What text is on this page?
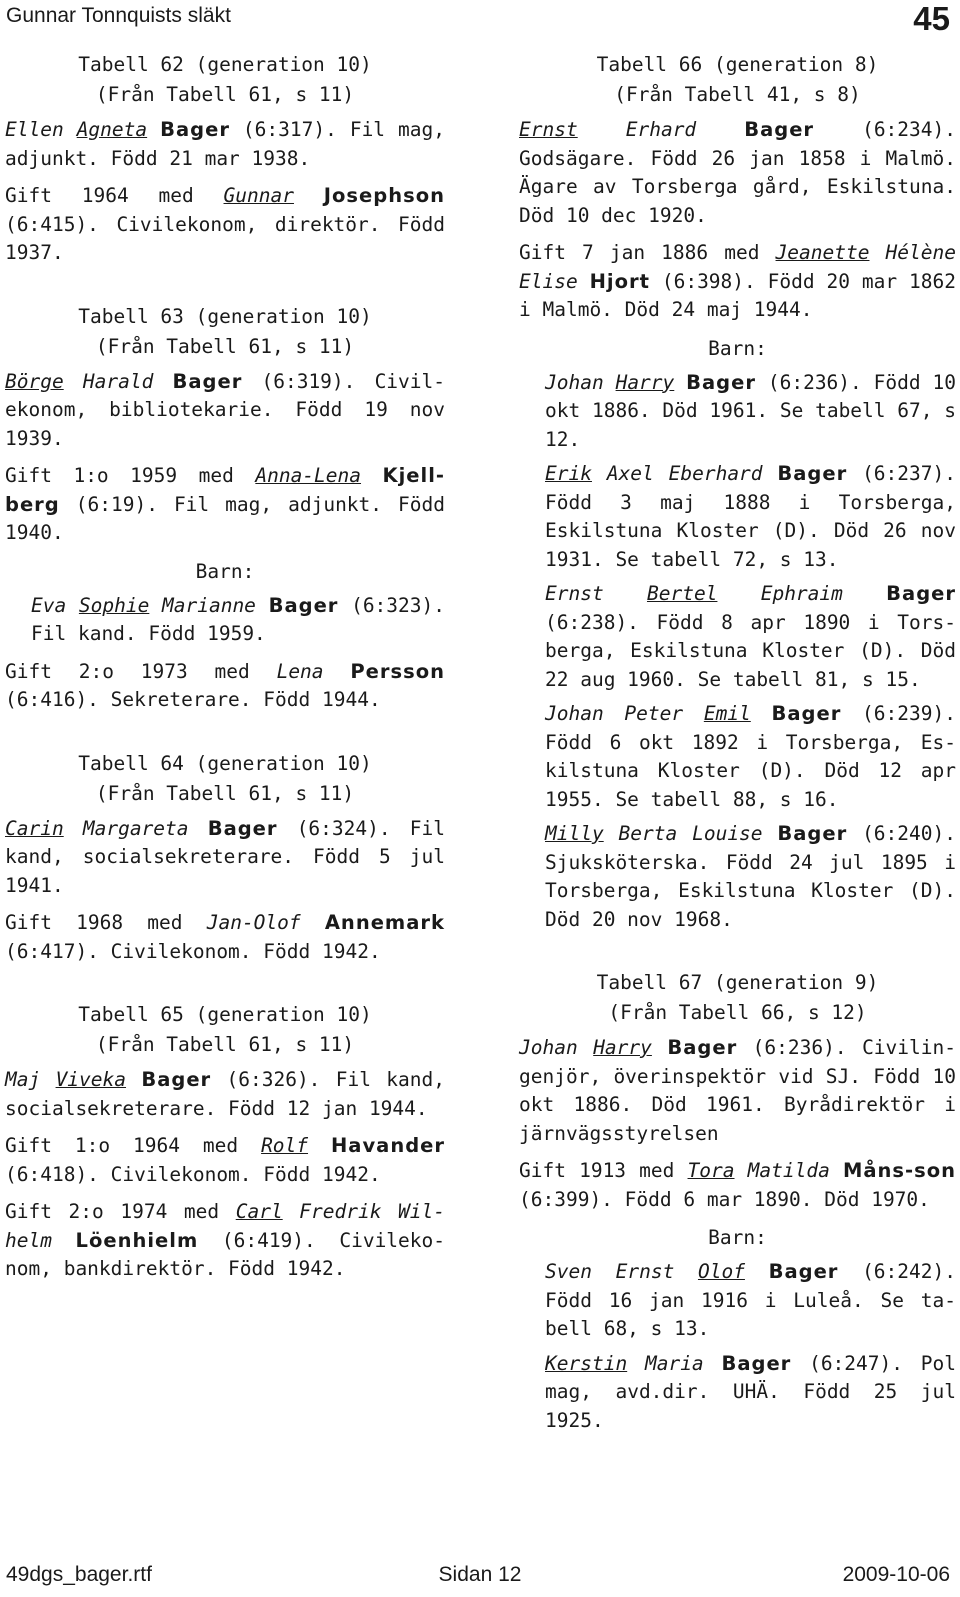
Gunnar Tonnquists släkt	45
Tabell 62 (generation 10)
(Från Tabell 61, s 11)
Ellen Agneta Bager (6:317). Fil mag, adjunkt. Född 21 mar 1938.
Gift 1964 med Gunnar Josephson (6:415). Civilekonom, direktör. Född 1937.
Tabell 63 (generation 10)
(Från Tabell 61, s 11)
Börge Harald Bager (6:319). Civil-ekonom, bibliotekarie. Född 19 nov 1939.
Gift 1:o 1959 med Anna-Lena Kjell-berg (6:19). Fil mag, adjunkt. Född 1940.
Barn:
Eva Sophie Marianne Bager (6:323). Fil kand. Född 1959.
Gift 2:o 1973 med Lena Persson (6:416). Sekreterare. Född 1944.
Tabell 64 (generation 10)
(Från Tabell 61, s 11)
Carin Margareta Bager (6:324). Fil kand, socialsekreterare. Född 5 jul 1941.
Gift 1968 med Jan-Olof Annemark (6:417). Civilekonom. Född 1942.
Tabell 65 (generation 10)
(Från Tabell 61, s 11)
Maj Viveka Bager (6:326). Fil kand, socialsekreterare. Född 12 jan 1944.
Gift 1:o 1964 med Rolf Havander (6:418). Civilekonom. Född 1942.
Gift 2:o 1974 med Carl Fredrik Wil-helm Löenhielm (6:419). Civileko-nom, bankdirektör. Född 1942.
Tabell 66 (generation 8)
(Från Tabell 41, s 8)
Ernst Erhard Bager (6:234). Godsägare. Född 26 jan 1858 i Malmö. Ägare av Torsberga gård, Eskilstuna. Död 10 dec 1920.
Gift 7 jan 1886 med Jeanette Hélène Elise Hjort (6:398). Född 20 mar 1862 i Malmö. Död 24 maj 1944.
Barn:
Johan Harry Bager (6:236). Född 10 okt 1886. Död 1961. Se tabell 67, s 12.
Erik Axel Eberhard Bager (6:237). Född 3 maj 1888 i Torsberga, Eskilstuna Kloster (D). Död 26 nov 1931. Se tabell 72, s 13.
Ernst Bertel Ephraim Bager (6:238). Född 8 apr 1890 i Tors-berga, Eskilstuna Kloster (D). Död 22 aug 1960. Se tabell 81, s 15.
Johan Peter Emil Bager (6:239). Född 6 okt 1892 i Torsberga, Es-kilstuna Kloster (D). Död 12 apr 1955. Se tabell 88, s 16.
Milly Berta Louise Bager (6:240). Sjuksköterska. Född 24 jul 1895 i Torsberga, Eskilstuna Kloster (D). Död 20 nov 1968.
Tabell 67 (generation 9)
(Från Tabell 66, s 12)
Johan Harry Bager (6:236). Civilin-genjör, överinspektör vid SJ. Född 10 okt 1886. Död 1961. Byrådirektör i järnvägsstyrelsen
Gift 1913 med Tora Matilda Måns-son (6:399). Född 6 mar 1890. Död 1970.
Barn:
Sven Ernst Olof Bager (6:242). Född 16 jan 1916 i Luleå. Se ta-bell 68, s 13.
Kerstin Maria Bager (6:247). Pol mag, avd.dir. UHÄ. Född 25 jul 1925.
49dgs_bager.rtf	Sidan 12	2009-10-06
